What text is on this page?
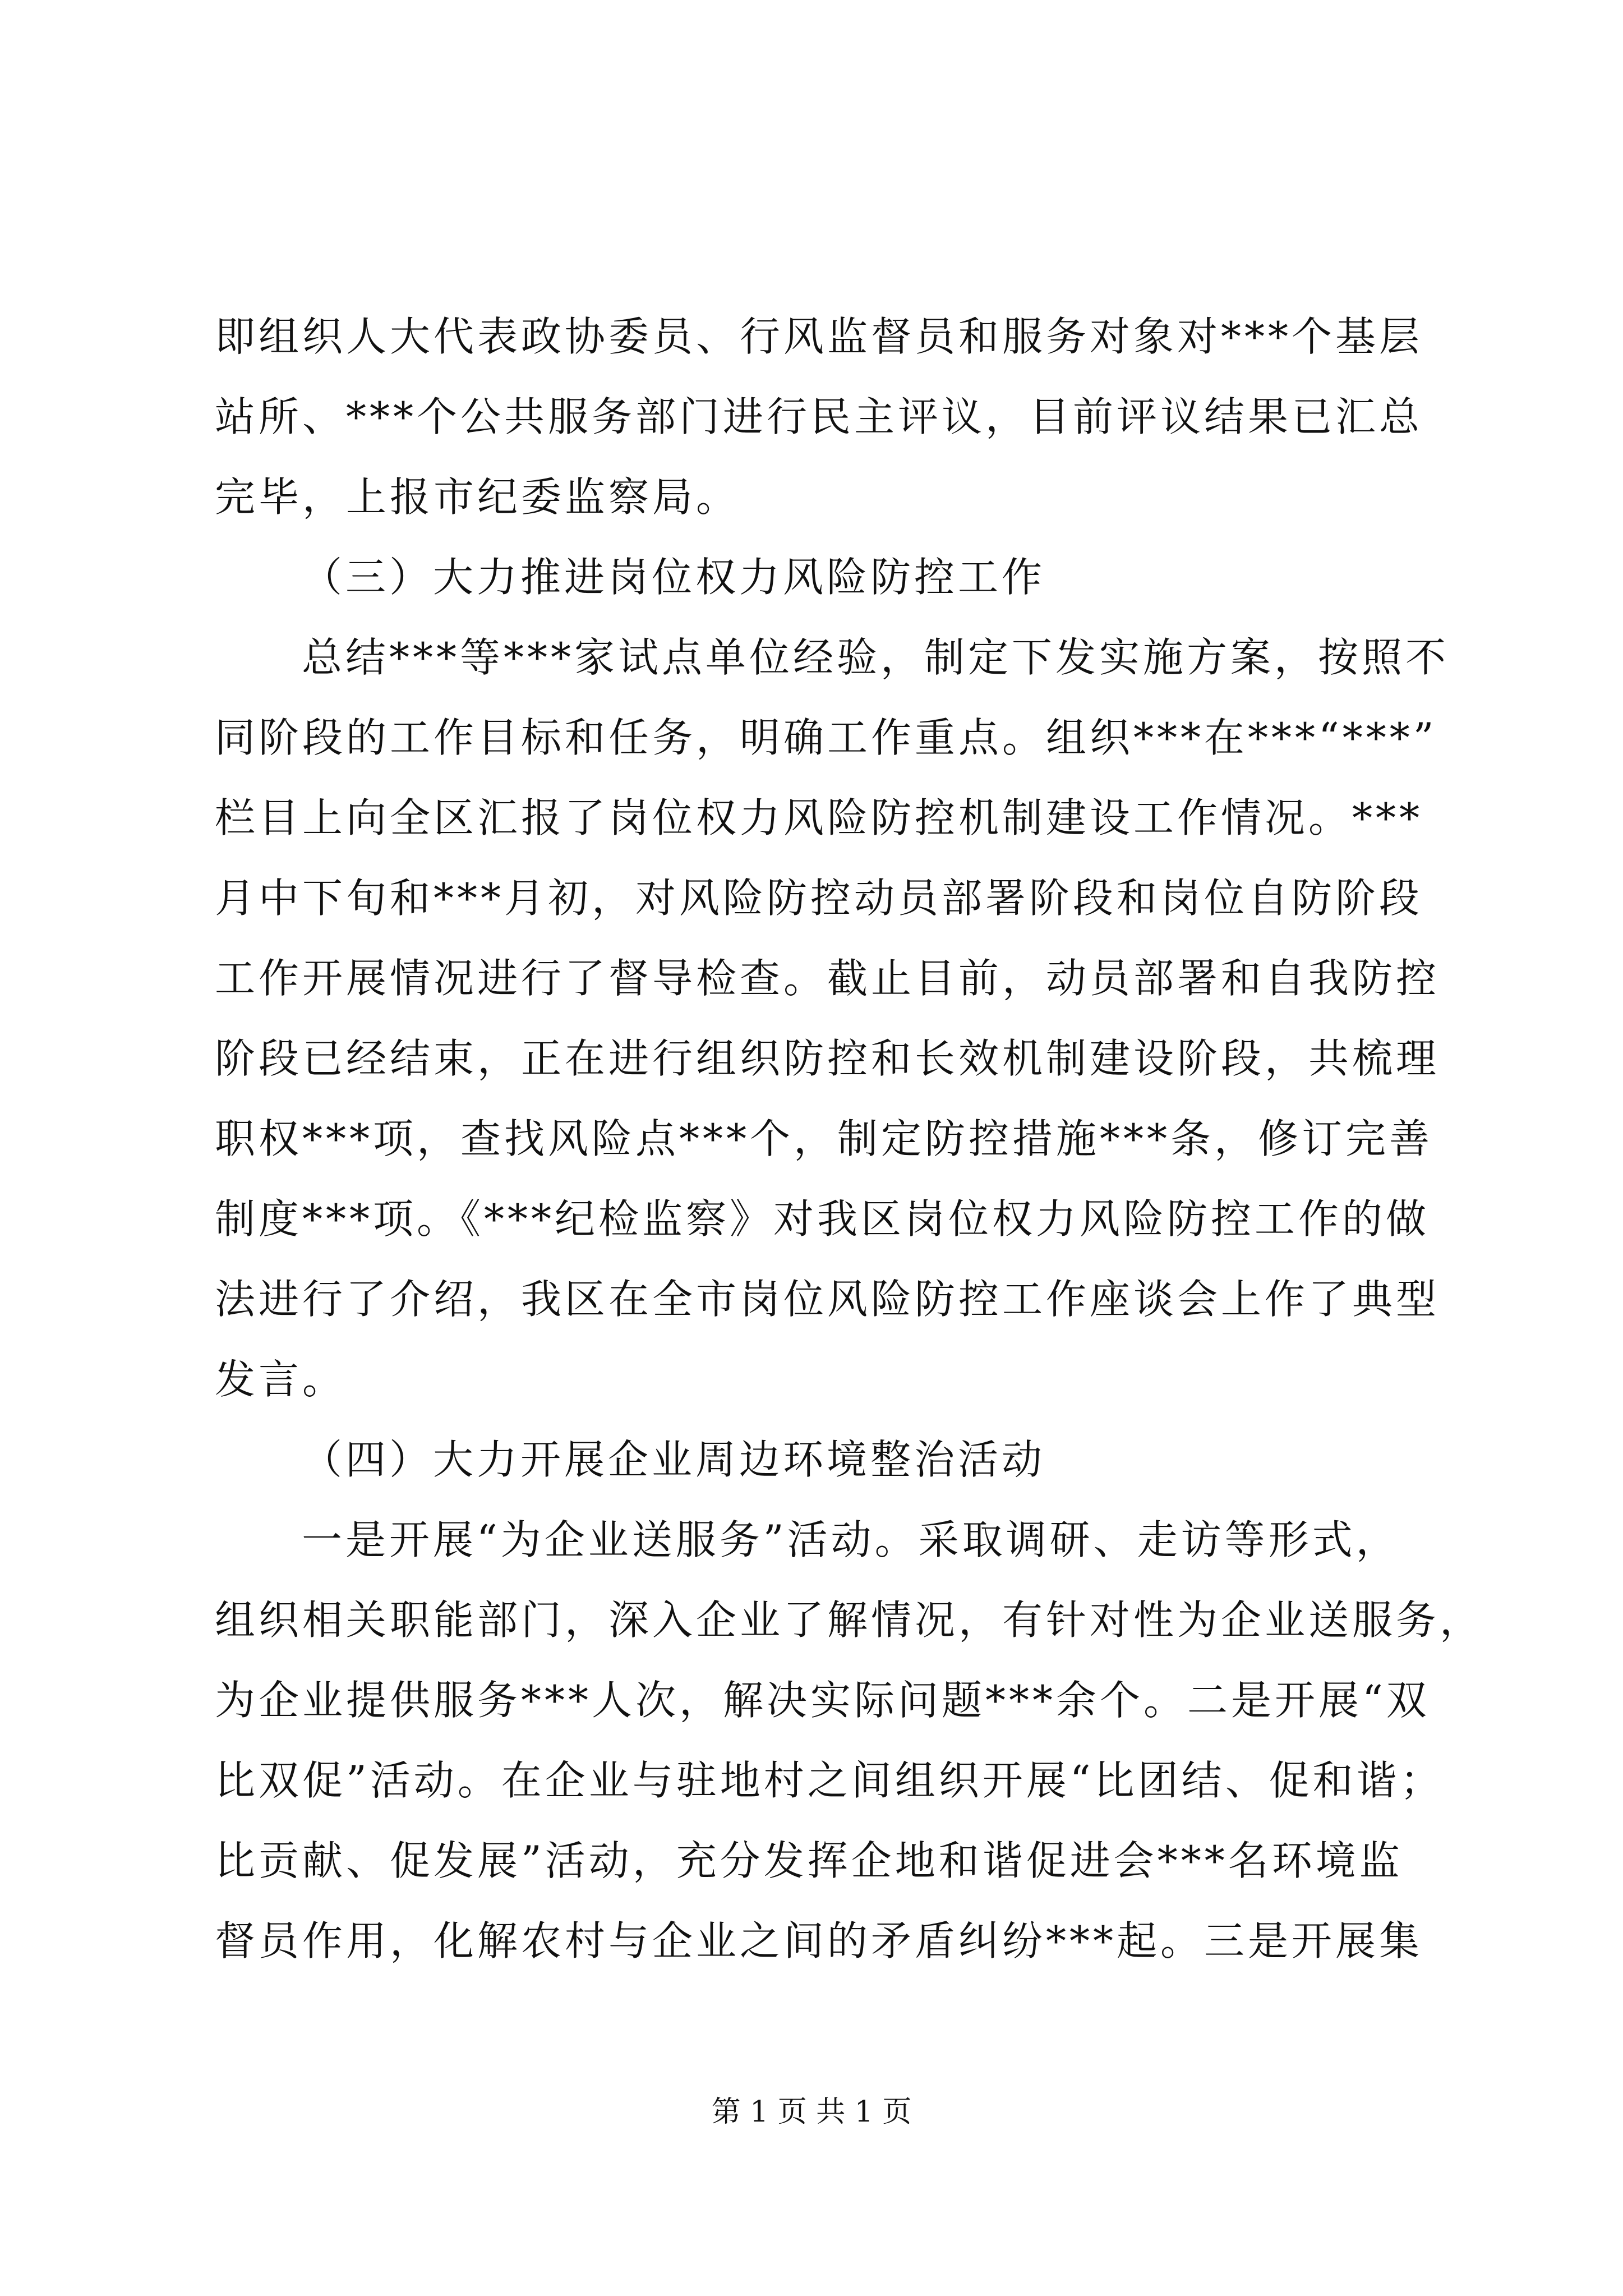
即组织人大代表政协委员、行风监督员和服务对象对***个基层
站所、***个公共服务部门进行民主评议，目前评议结果已汇总
完毕，上报市纪委监察局。
（三）大力推进岗位权力风险防控工作
总结***等***家试点单位经验，制定下发实施方案，按照不
同阶段的工作目标和任务，明确工作重点。组织***在***“***”
栏目上向全区汇报了岗位权力风险防控机制建设工作情况。***
月中下旬和***月初，对风险防控动员部署阶段和岗位自防阶段
工作开展情况进行了督导检查。截止目前，动员部署和自我防控
阶段已经结束，正在进行组织防控和长效机制建设阶段，共梳理
职权***项，查找风险点***个，制定防控措施***条，修订完善
制度***项。《***纪检监察》对我区岗位权力风险防控工作的做
法进行了介绍，我区在全市岗位风险防控工作座谈会上作了典型
发言。
（四）大力开展企业周边环境整治活动
一是开展“为企业送服务”活动。采取调研、走访等形式，
组织相关职能部门，深入企业了解情况，有针对性为企业送服务，
为企业提供服务***人次，解决实际问题***余个。二是开展“双
比双促”活动。在企业与驻地村之间组织开展“比团结、促和谐；
比贡献、促发展”活动，充分发挥企地和谐促进会***名环境监
督员作用，化解农村与企业之间的矛盾纠纷***起。三是开展集
第 1 页 共 1 页
